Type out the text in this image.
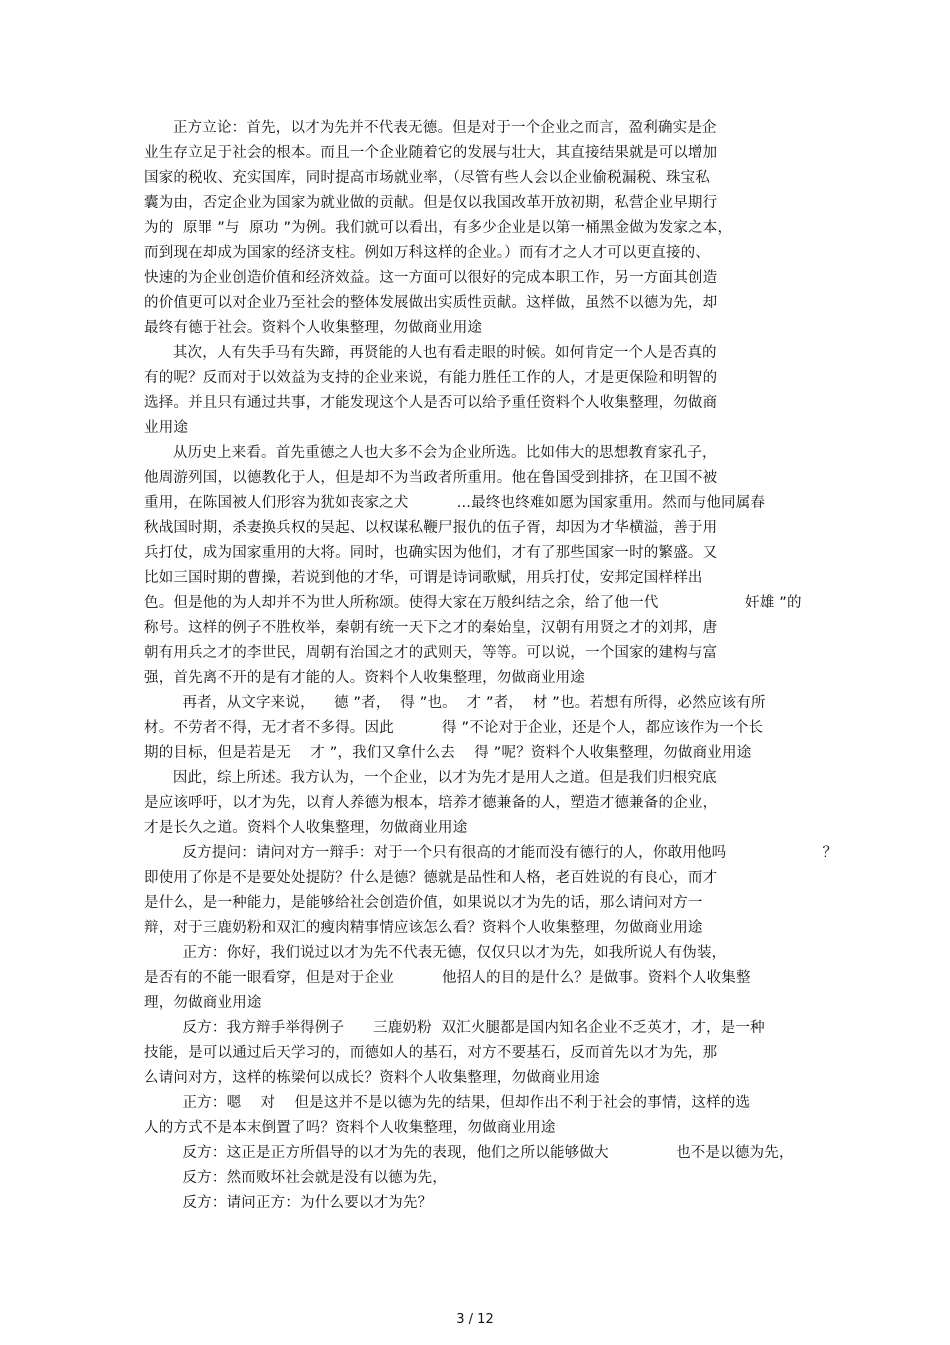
正方立论：首先，以才为先并不代表无德。但是对于一个企业之而言，盈利确实是企
业生存立足于社会的根本。而且一个企业随着它的发展与壮大，其直接结果就是可以增加
国家的税收、充实国库，同时提高市场就业率，（尽管有些人会以企业偷税漏税、珠宝私
囊为由，否定企业为国家为就业做的贡献。但是仅以我国改革开放初期，私营企业早期行
为的  原罪 ”与  原功 ”为例。我们就可以看出，有多少企业是以第一桶黑金做为发家之本，
而到现在却成为国家的经济支柱。例如万科这样的企业。）而有才之人才可以更直接的、
快速的为企业创造价值和经济效益。这一方面可以很好的完成本职工作，另一方面其创造
的价值更可以对企业乃至社会的整体发展做出实质性贡献。这样做，虽然不以德为先，却
最终有德于社会。资料个人收集整理，勿做商业用途
其次，人有失手马有失蹄，再贤能的人也有看走眼的时候。如何肯定一个人是否真的
有的呢？反而对于以效益为支持的企业来说，有能力胜任工作的人，才是更保险和明智的
选择。并且只有通过共事，才能发现这个人是否可以给予重任资料个人收集整理，勿做商
业用途
从历史上来看。首先重德之人也大多不会为企业所选。比如伟大的思想教育家孔子，
他周游列国，以德教化于人，但是却不为当政者所重用。他在鲁国受到排挤，在卫国不被
重用，在陈国被人们形容为犹如丧家之犬          ...最终也终难如愿为国家重用。然而与他同属春
秋战国时期，杀妻换兵权的吴起、以权谋私鞭尸报仇的伍子胥，却因为才华横溢，善于用
兵打仗，成为国家重用的大将。同时，也确实因为他们，才有了那些国家一时的繁盛。又
比如三国时期的曹操，若说到他的才华，可谓是诗词歌赋，用兵打仗，安邦定国样样出
色。但是他的为人却并不为世人所称颂。使得大家在万般纠结之余，给了他一代                  奸雄 ”的
称号。这样的例子不胜枚举，秦朝有统一天下之才的秦始皇，汉朝有用贤之才的刘邦，唐
朝有用兵之才的李世民，周朝有治国之才的武则天，等等。可以说，一个国家的建构与富
强，首先离不开的是有才能的人。资料个人收集整理，勿做商业用途
再者，从文字来说，    德 ”者，  得 ”也。  才 ”者，  材 ”也。若想有所得，必然应该有所
材。不劳者不得，无才者不多得。因此          得 ”不论对于企业，还是个人，都应该作为一个长
期的目标，但是若是无    才 ”，我们又拿什么去    得 ”呢？资料个人收集整理，勿做商业用途
因此，综上所述。我方认为，一个企业，以才为先才是用人之道。但是我们归根究底
是应该呼吁，以才为先，以育人养德为根本，培养才德兼备的人，塑造才德兼备的企业，
才是长久之道。资料个人收集整理，勿做商业用途
反方提问：请问对方一辩手：对于一个只有很高的才能而没有德行的人，你敢用他吗                    ？
即使用了你是不是要处处提防？什么是德？德就是品性和人格，老百姓说的有良心，而才
是什么，是一种能力，是能够给社会创造价值，如果说以才为先的话，那么请问对方一
辩，对于三鹿奶粉和双汇的瘦肉精事情应该怎么看？资料个人收集整理，勿做商业用途
正方：你好，我们说过以才为先不代表无德，仅仅只以才为先，如我所说人有伪装，
是否有的不能一眼看穿，但是对于企业          他招人的目的是什么？是做事。资料个人收集整
理，勿做商业用途
反方：我方辩手举得例子      三鹿奶粉  双汇火腿都是国内知名企业不乏英才，才，是一种
技能，是可以通过后天学习的，而德如人的基石，对方不要基石，反而首先以才为先，那
么请问对方，这样的栋梁何以成长？资料个人收集整理，勿做商业用途
正方：嗯    对    但是这并不是以德为先的结果，但却作出不利于社会的事情，这样的选
人的方式不是本末倒置了吗？资料个人收集整理，勿做商业用途
反方：这正是正方所倡导的以才为先的表现，他们之所以能够做大              也不是以德为先，
反方：然而败坏社会就是没有以德为先，
反方：请问正方：为什么要以才为先？
3 / 12
